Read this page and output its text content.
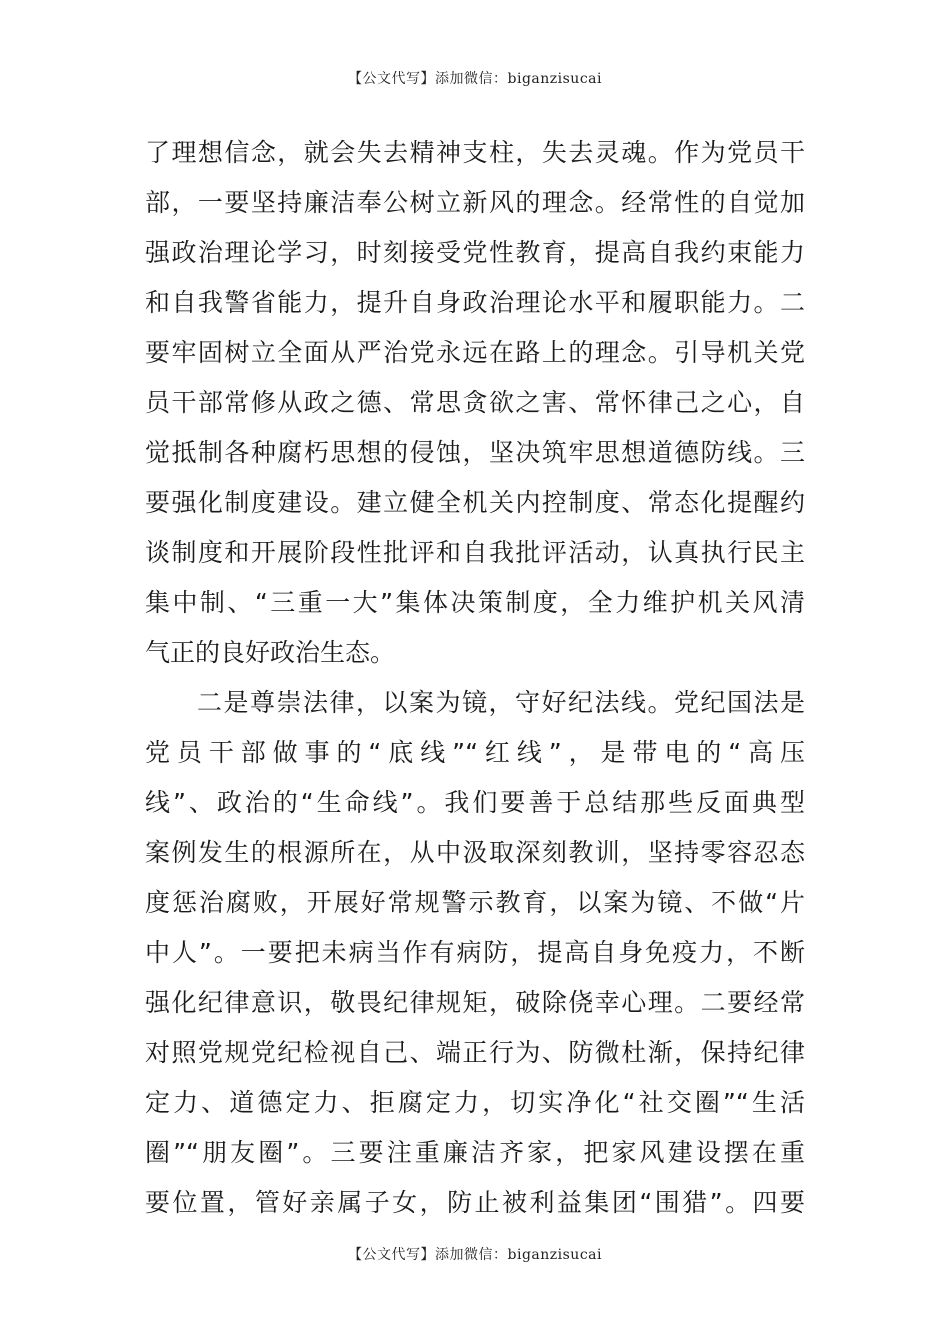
【公文代写】添加微信：biganzisucai
了理想信念，就会失去精神支柱，失去灵魂。作为党员干
部，一要坚持廉洁奉公树立新风的理念。经常性的自觉加
强政治理论学习，时刻接受党性教育，提高自我约束能力
和自我警省能力，提升自身政治理论水平和履职能力。二
要牢固树立全面从严治党永远在路上的理念。引导机关党
员干部常修从政之德、常思贪欲之害、常怀律己之心，自
觉抵制各种腐朽思想的侵蚀，坚决筑牢思想道德防线。三
要强化制度建设。建立健全机关内控制度、常态化提醒约
谈制度和开展阶段性批评和自我批评活动，认真执行民主
集中制、“三重一大”集体决策制度，全力维护机关风清
气正的良好政治生态。
二是尊崇法律，以案为镜，守好纪法线。党纪国法是
党员干部做事的“底线”“红线”，是带电的“高压
线”、政治的“生命线”。我们要善于总结那些反面典型
案例发生的根源所在，从中汲取深刻教训，坚持零容忍态
度惩治腐败，开展好常规警示教育，以案为镜、不做“片
中人”。一要把未病当作有病防，提高自身免疫力，不断
强化纪律意识，敬畏纪律规矩，破除侥幸心理。二要经常
对照党规党纪检视自己、端正行为、防微杜渐，保持纪律
定力、道德定力、拒腐定力，切实净化“社交圈”“生活
圈”“朋友圈”。三要注重廉洁齐家，把家风建设摆在重
要位置，管好亲属子女，防止被利益集团“围猎”。四要
【公文代写】添加微信：biganzisucai
